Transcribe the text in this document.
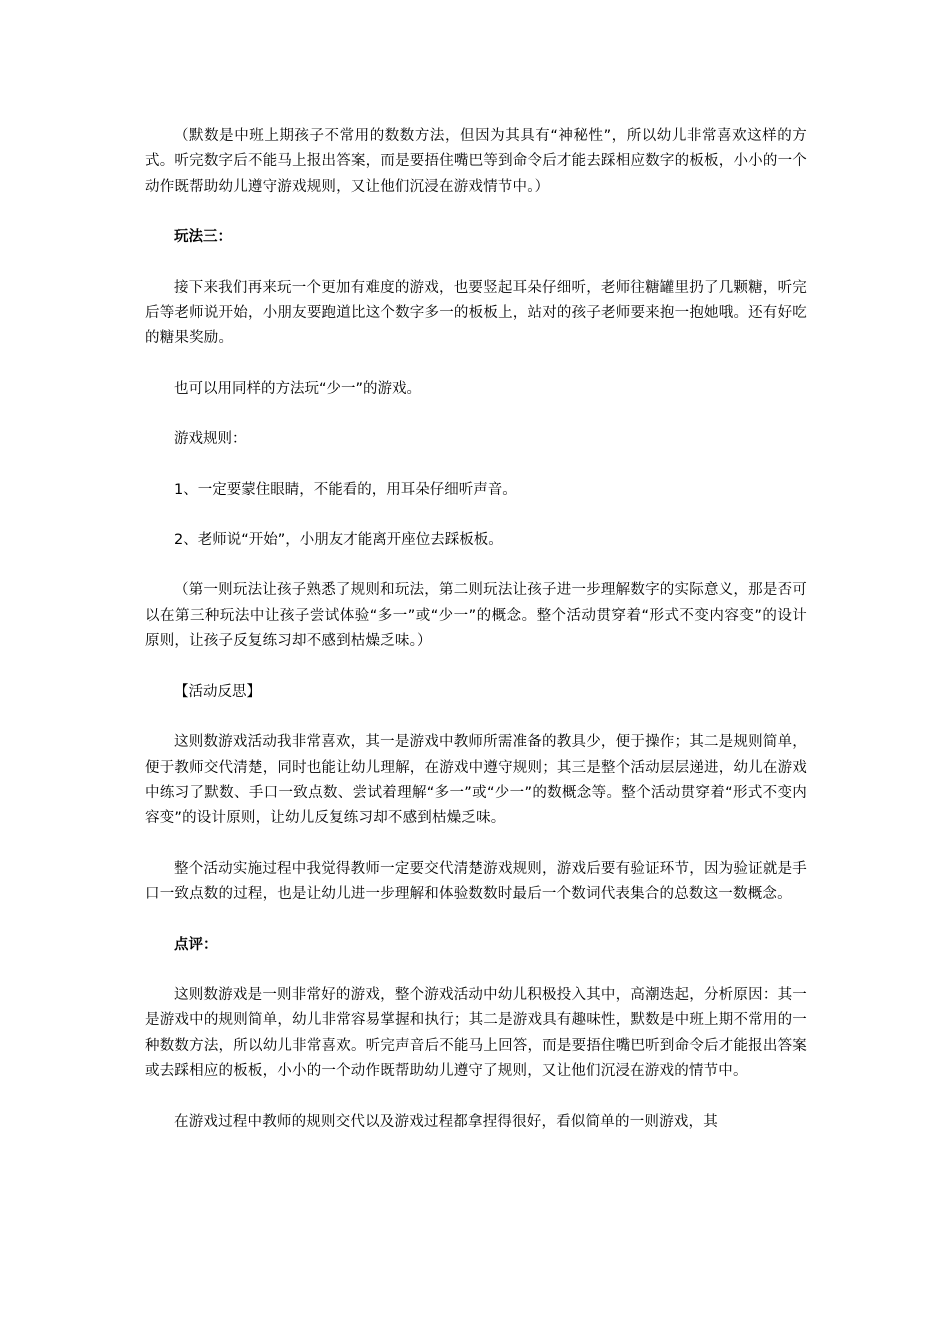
（默数是中班上期孩子不常用的数数方法，但因为其具有“神秘性”，所以幼儿非常喜欢这样的方式。听完数字后不能马上报出答案，而是要捂住嘴巴等到命令后才能去踩相应数字的板板，小小的一个动作既帮助幼儿遵守游戏规则，又让他们沉浸在游戏情节中。）

玩法三：

接下来我们再来玩一个更加有难度的游戏，也要竖起耳朵仔细听，老师往糖罐里扔了几颗糖，听完后等老师说开始，小朋友要跑道比这个数字多一的板板上，站对的孩子老师要来抱一抱她哦。还有好吃的糖果奖励。

也可以用同样的方法玩“少一”的游戏。

游戏规则：

1、一定要蒙住眼睛，不能看的，用耳朵仔细听声音。

2、老师说“开始”，小朋友才能离开座位去踩板板。

（第一则玩法让孩子熟悉了规则和玩法，第二则玩法让孩子进一步理解数字的实际意义，那是否可以在第三种玩法中让孩子尝试体验“多一”或“少一”的概念。整个活动贯穿着“形式不变内容变”的设计原则，让孩子反复练习却不感到枯燥乏味。）

【活动反思】

这则数游戏活动我非常喜欢，其一是游戏中教师所需准备的教具少，便于操作；其二是规则简单，便于教师交代清楚，同时也能让幼儿理解，在游戏中遵守规则；其三是整个活动层层递进，幼儿在游戏中练习了默数、手口一致点数、尝试着理解“多一”或“少一”的数概念等。整个活动贯穿着“形式不变内容变”的设计原则，让幼儿反复练习却不感到枯燥乏味。

整个活动实施过程中我觉得教师一定要交代清楚游戏规则，游戏后要有验证环节，因为验证就是手口一致点数的过程，也是让幼儿进一步理解和体验数数时最后一个数词代表集合的总数这一数概念。

点评：

这则数游戏是一则非常好的游戏，整个游戏活动中幼儿积极投入其中，高潮迭起，分析原因：其一是游戏中的规则简单，幼儿非常容易掌握和执行；其二是游戏具有趣味性，默数是中班上期不常用的一种数数方法，所以幼儿非常喜欢。听完声音后不能马上回答，而是要捂住嘴巴听到命令后才能报出答案或去踩相应的板板，小小的一个动作既帮助幼儿遵守了规则，又让他们沉浸在游戏的情节中。

在游戏过程中教师的规则交代以及游戏过程都拿捏得很好，看似简单的一则游戏，其
